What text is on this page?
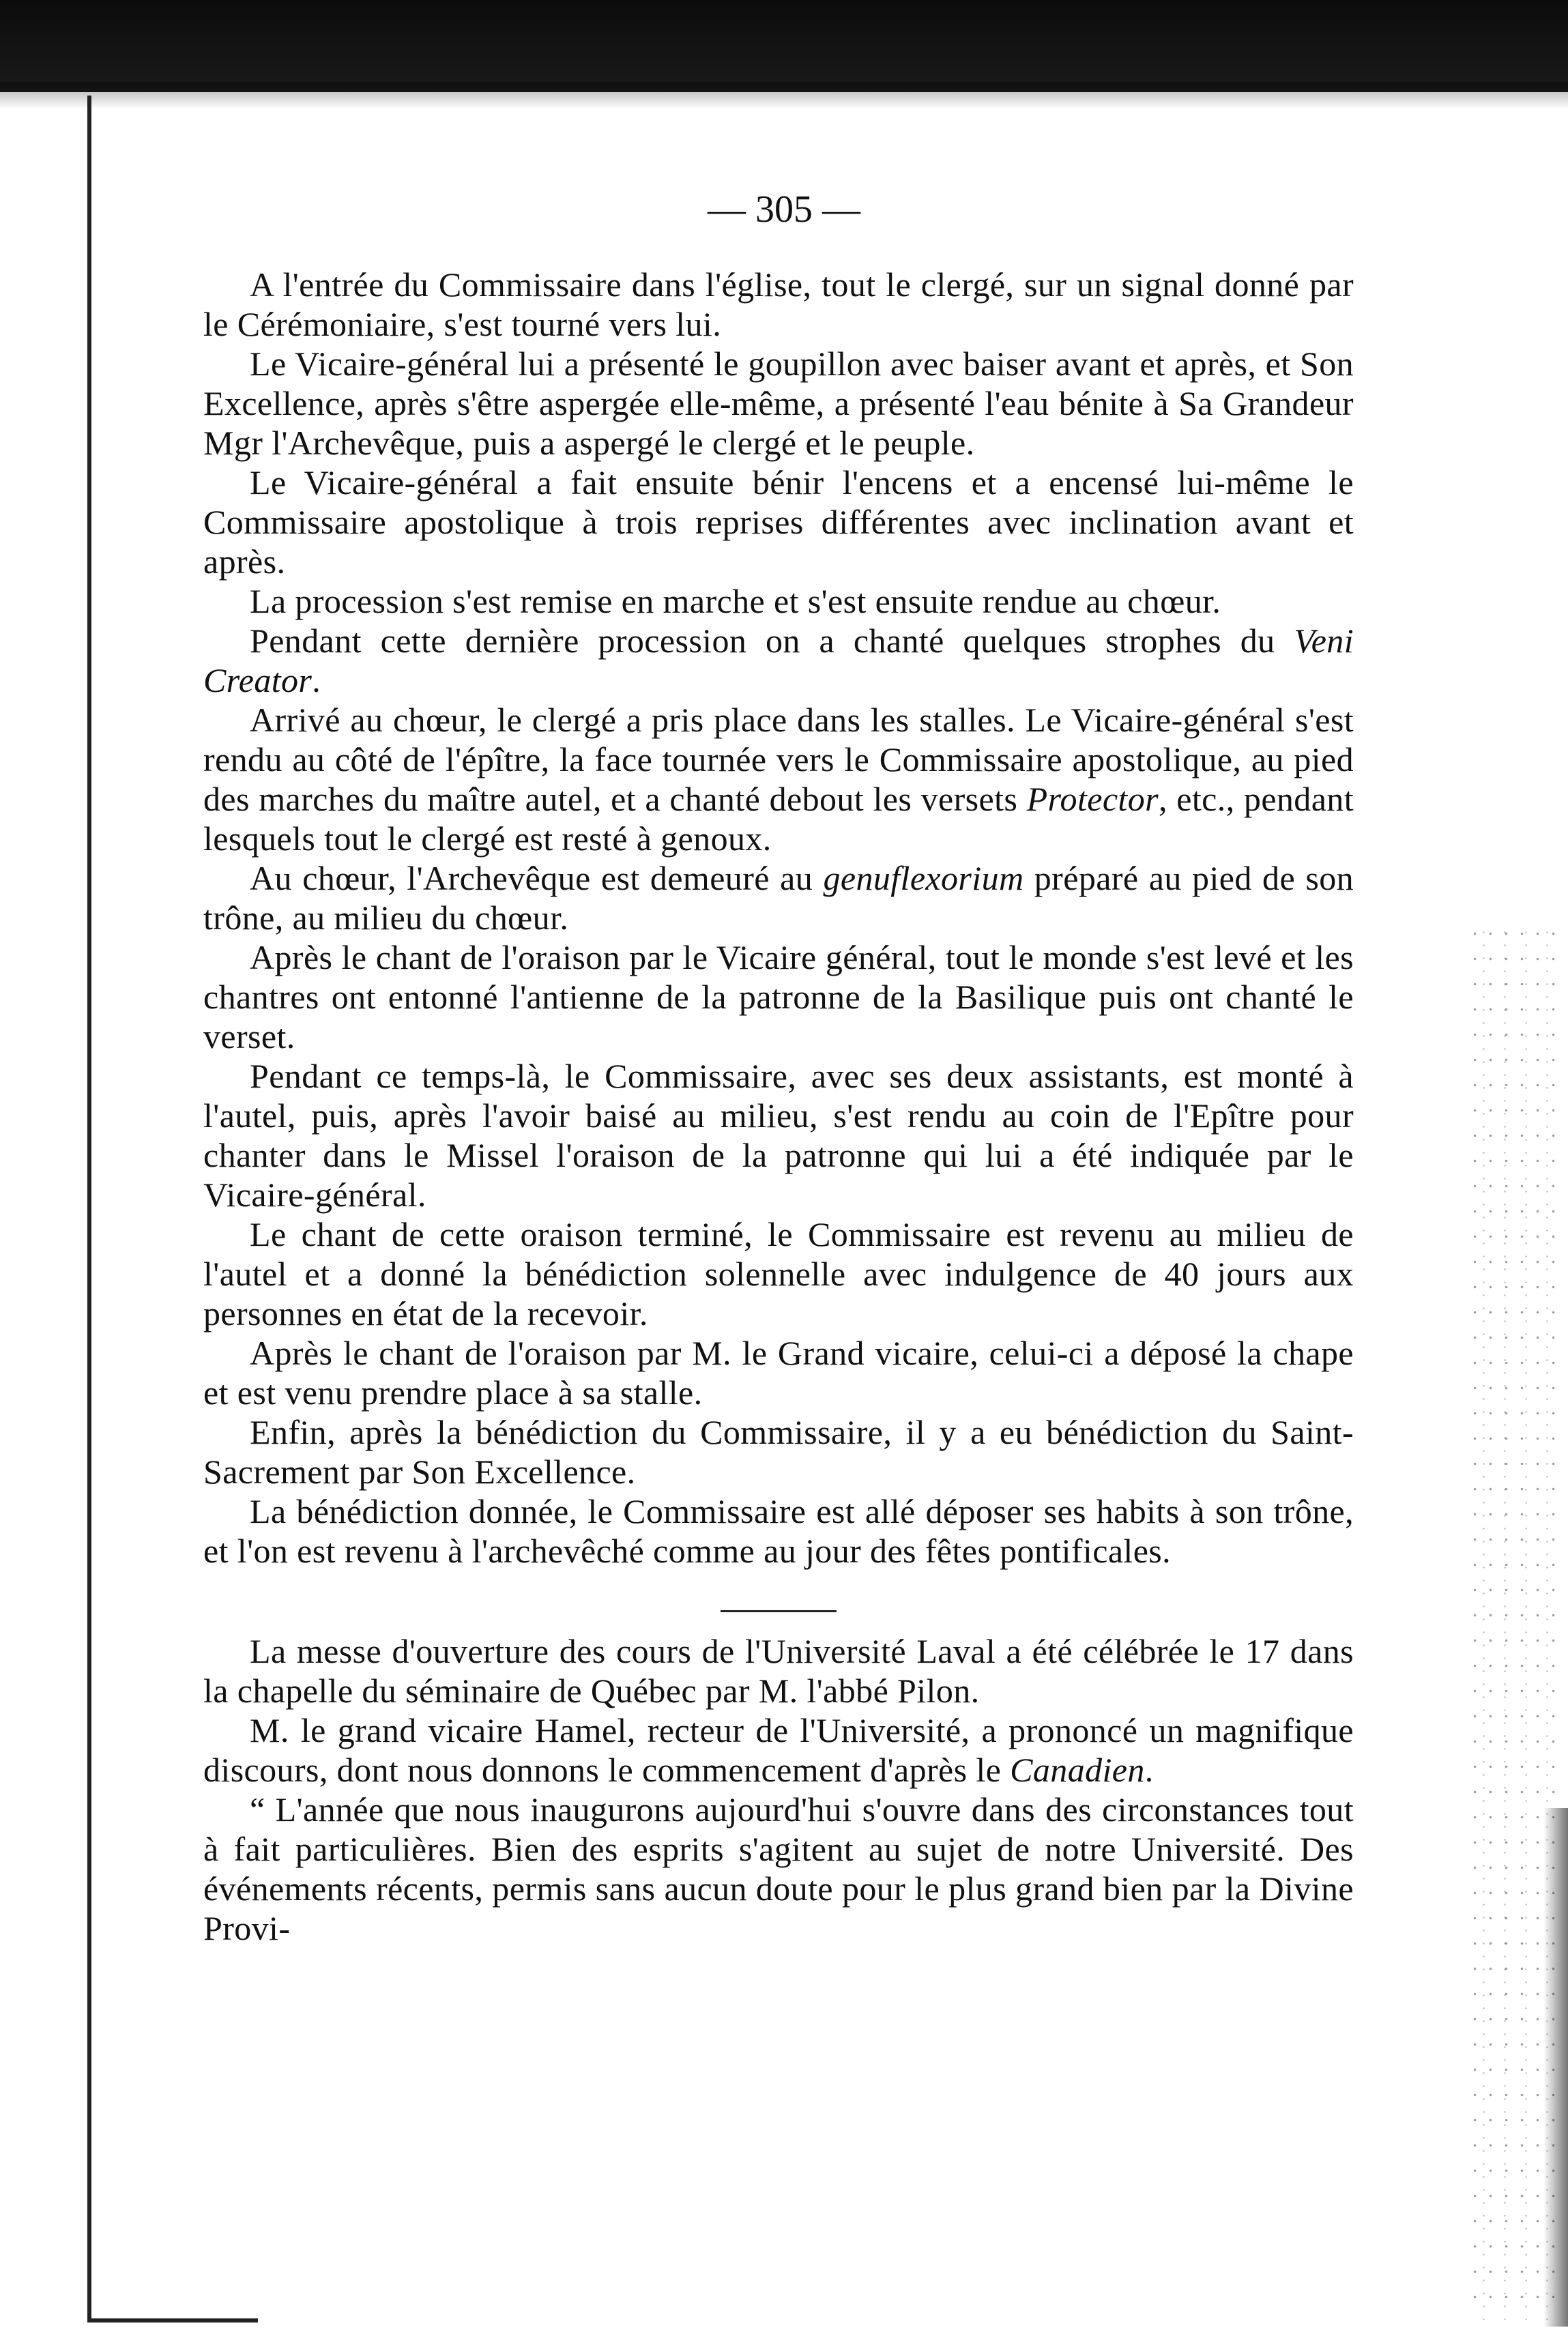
— 305 —

A l'entrée du Commissaire dans l'église, tout le clergé, sur un signal donné par le Cérémoniaire, s'est tourné vers lui.

Le Vicaire-général lui a présenté le goupillon avec baiser avant et après, et Son Excellence, après s'être aspergée elle-même, a présenté l'eau bénite à Sa Grandeur Mgr l'Archevêque, puis a aspergé le clergé et le peuple.

Le Vicaire-général a fait ensuite bénir l'encens et a encensé lui-même le Commissaire apostolique à trois reprises différentes avec inclination avant et après.

La procession s'est remise en marche et s'est ensuite rendue au chœur.

Pendant cette dernière procession on a chanté quelques strophes du Veni Creator.

Arrivé au chœur, le clergé a pris place dans les stalles. Le Vicaire-général s'est rendu au côté de l'épître, la face tournée vers le Commissaire apostolique, au pied des marches du maître autel, et a chanté debout les versets Protector, etc., pendant lesquels tout le clergé est resté à genoux.

Au chœur, l'Archevêque est demeuré au genuflexorium préparé au pied de son trône, au milieu du chœur.

Après le chant de l'oraison par le Vicaire général, tout le monde s'est levé et les chantres ont entonné l'antienne de la patronne de la Basilique puis ont chanté le verset.

Pendant ce temps-là, le Commissaire, avec ses deux assistants, est monté à l'autel, puis, après l'avoir baisé au milieu, s'est rendu au coin de l'Epître pour chanter dans le Missel l'oraison de la patronne qui lui a été indiquée par le Vicaire-général.

Le chant de cette oraison terminé, le Commissaire est revenu au milieu de l'autel et a donné la bénédiction solennelle avec indulgence de 40 jours aux personnes en état de la recevoir.

Après le chant de l'oraison par M. le Grand vicaire, celui-ci a déposé la chape et est venu prendre place à sa stalle.

Enfin, après la bénédiction du Commissaire, il y a eu bénédiction du Saint-Sacrement par Son Excellence.

La bénédiction donnée, le Commissaire est allé déposer ses habits à son trône, et l'on est revenu à l'archevêché comme au jour des fêtes pontificales.

La messe d'ouverture des cours de l'Université Laval a été célébrée le 17 dans la chapelle du séminaire de Québec par M. l'abbé Pilon.

M. le grand vicaire Hamel, recteur de l'Université, a prononcé un magnifique discours, dont nous donnons le commencement d'après le Canadien.

“ L'année que nous inaugurons aujourd'hui s'ouvre dans des circonstances tout à fait particulières. Bien des esprits s'agitent au sujet de notre Université. Des événements récents, permis sans aucun doute pour le plus grand bien par la Divine Provi-
